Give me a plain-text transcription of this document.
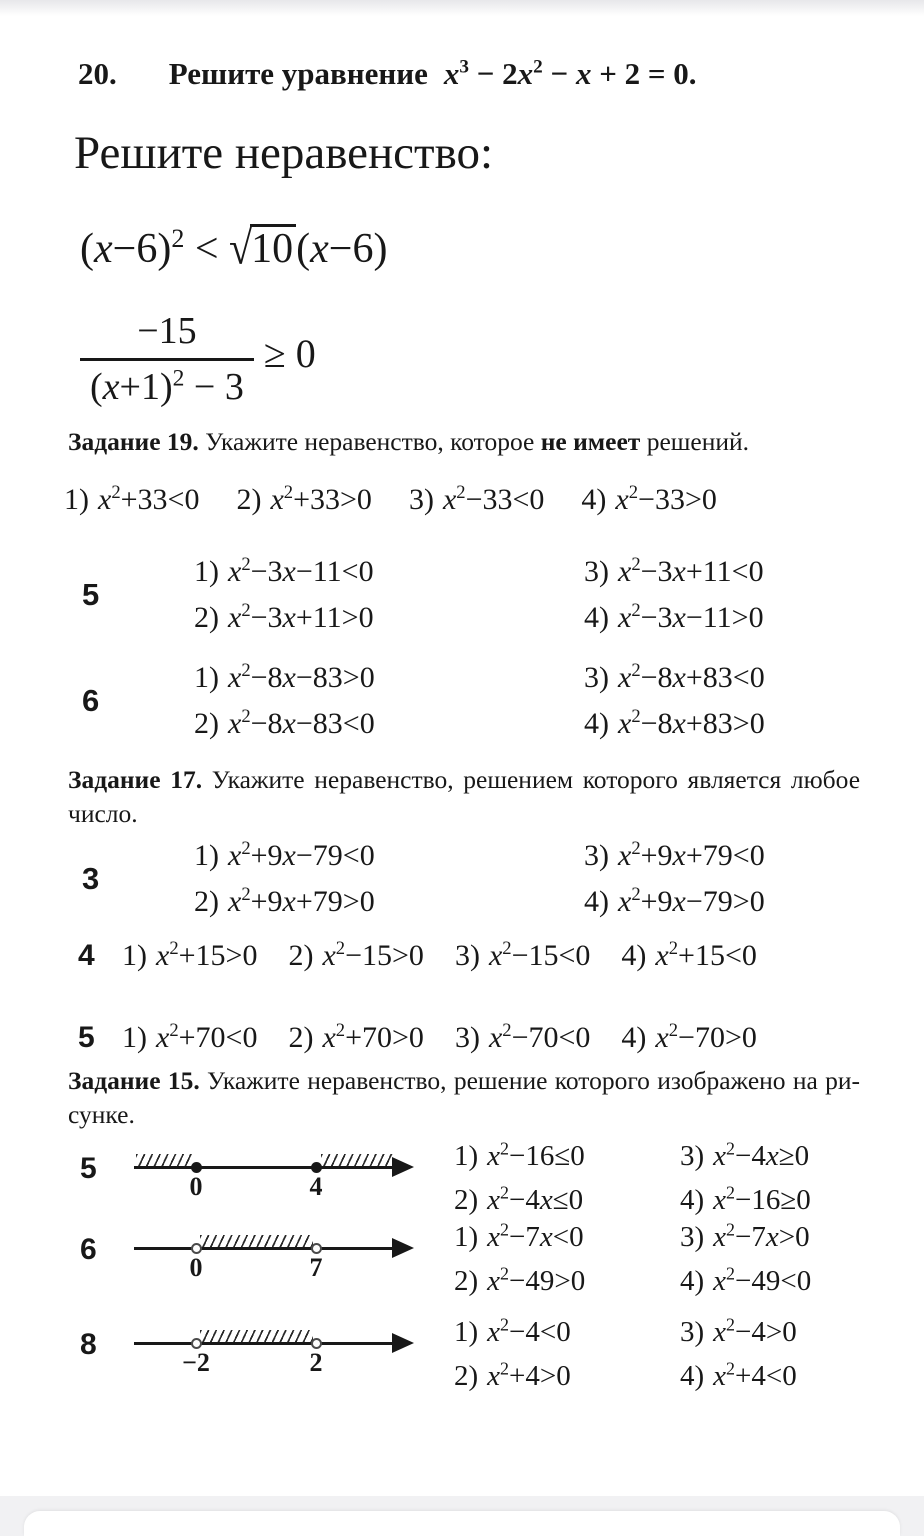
20. Решите уравнение $x^3 - 2x^2 - x + 2 = 0$.
Решите неравенство:
$(x-6)^2 < √10(x-6)$
$\frac{-15}{(x+1)^2 - 3} \ge 0$
Задание 19. Укажите неравенство, которое не имеет решений.
1) $x^2+33<0$ 2) $x^2+33>0$ 3) $x^2-33<0$ 4) $x^2-33>0$
5
1) $x^2-3x-11<0$
2) $x^2-3x+11>0$
3) $x^2-3x+11<0$
4) $x^2-3x-11>0$
6
1) $x^2-8x-83>0$
2) $x^2-8x-83<0$
3) $x^2-8x+83<0$
4) $x^2-8x+83>0$
Задание 17. Укажите неравенство, решением которого является любое
число.
3
1) $x^2+9x-79<0$
2) $x^2+9x+79>0$
3) $x^2+9x+79<0$
4) $x^2+9x-79>0$
4 1) $x^2+15>0$ 2) $x^2-15>0$ 3) $x^2-15<0$ 4) $x^2+15<0$
5 1) $x^2+70<0$ 2) $x^2+70>0$ 3) $x^2-70<0$ 4) $x^2-70>0$
Задание 15. Укажите неравенство, решение которого изображено на ри-
сунке.
5
0	4
1) $x^2-16\le 0$
2) $x^2-4x\le 0$
3) $x^2-4x\ge 0$
4) $x^2-16\ge 0$
6
0	7
1) $x^2-7x<0$
2) $x^2-49>0$
3) $x^2-7x>0$
4) $x^2-49<0$
8
−2	2
1) $x^2-4<0$
2) $x^2+4>0$
3) $x^2-4>0$
4) $x^2+4<0$
